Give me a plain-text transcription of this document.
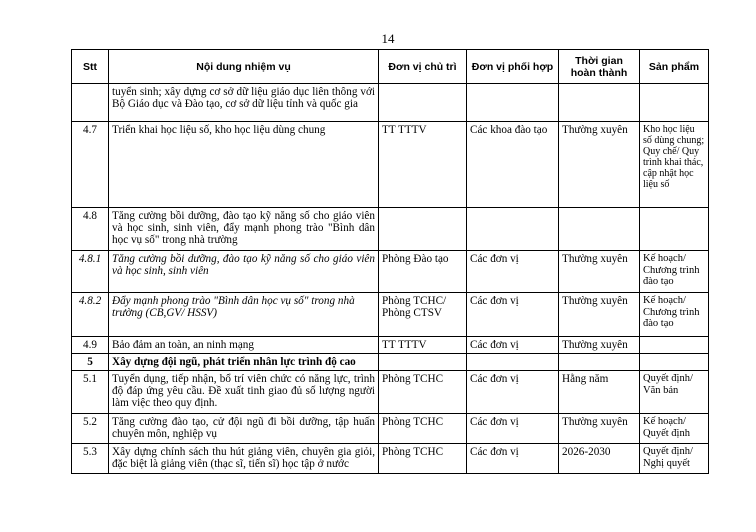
14
Stt	Nội dung nhiệm vụ	Đơn vị chủ trì	Đơn vị phối hợp	Thời gian hoàn thành	Sản phẩm
	tuyển sinh; xây dựng cơ sở dữ liệu giáo dục liên thông với Bộ Giáo dục và Đào tạo, cơ sở dữ liệu tỉnh và quốc gia				
4.7	Triển khai học liệu số, kho học liệu dùng chung	TT TTTV	Các khoa đào tạo	Thường xuyên	Kho học liệu số dùng chung; Quy chế/ Quy trình khai thác, cập nhật học liệu số
4.8	Tăng cường bồi dưỡng, đào tạo kỹ năng số cho giáo viên và học sinh, sinh viên, đẩy mạnh phong trào "Bình dân học vụ số" trong nhà trường				
4.8.1	Tăng cường bồi dưỡng, đào tạo kỹ năng số cho giáo viên và học sinh, sinh viên	Phòng Đào tạo	Các đơn vị	Thường xuyên	Kế hoạch/ Chương trình đào tạo
4.8.2	Đẩy mạnh phong trào "Bình dân học vụ số" trong nhà trường (CB,GV/ HSSV)	Phòng TCHC/ Phòng CTSV	Các đơn vị	Thường xuyên	Kế hoạch/ Chương trình đào tạo
4.9	Bảo đảm an toàn, an ninh mạng	TT TTTV	Các đơn vị	Thường xuyên	
5	Xây dựng đội ngũ, phát triển nhân lực trình độ cao				
5.1	Tuyển dụng, tiếp nhận, bổ trí viên chức có năng lực, trình độ đáp ứng yêu cầu. Đề xuất tinh giao đủ số lượng người làm việc theo quy định.	Phòng TCHC	Các đơn vị	Hằng năm	Quyết định/ Văn bản
5.2	Tăng cường đào tạo, cử đội ngũ đi bồi dưỡng, tập huấn chuyên môn, nghiệp vụ	Phòng TCHC	Các đơn vị	Thường xuyên	Kế hoạch/ Quyết định
5.3	Xây dựng chính sách thu hút giảng viên, chuyên gia giỏi, đặc biệt là giảng viên (thạc sĩ, tiến sĩ) học tập ở nước	Phòng TCHC	Các đơn vị	2026-2030	Quyết định/ Nghị quyết
